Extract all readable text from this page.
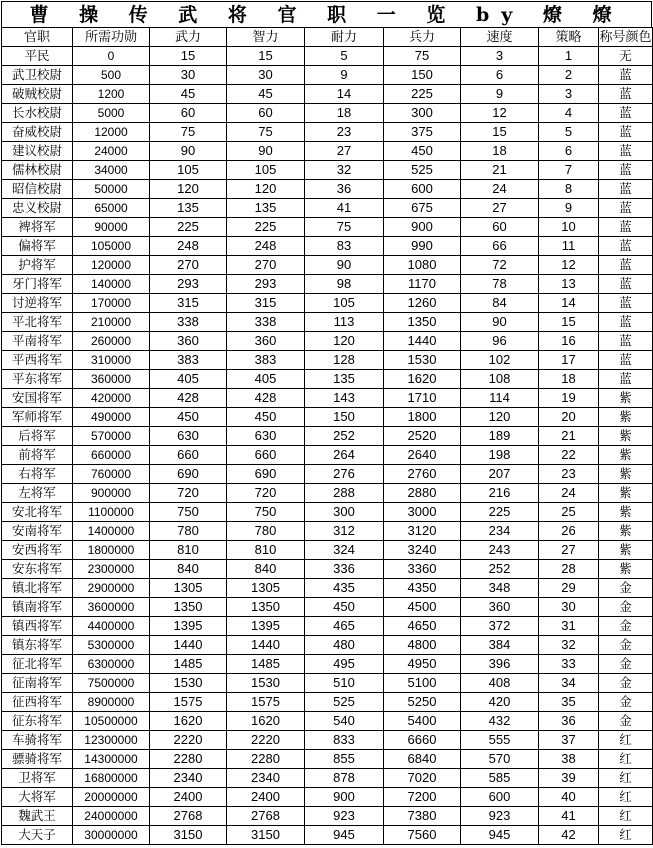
曹 操 传 武 将 官 职 一 览 by 燎 燎
官职	所需功勋	武力	智力	耐力	兵力	速度	策略	称号颜色
平民	0	15	15	5	75	3	1	无
武卫校尉	500	30	30	9	150	6	2	蓝
破贼校尉	1200	45	45	14	225	9	3	蓝
长水校尉	5000	60	60	18	300	12	4	蓝
奋威校尉	12000	75	75	23	375	15	5	蓝
建议校尉	24000	90	90	27	450	18	6	蓝
儒林校尉	34000	105	105	32	525	21	7	蓝
昭信校尉	50000	120	120	36	600	24	8	蓝
忠义校尉	65000	135	135	41	675	27	9	蓝
裨将军	90000	225	225	75	900	60	10	蓝
偏将军	105000	248	248	83	990	66	11	蓝
护将军	120000	270	270	90	1080	72	12	蓝
牙门将军	140000	293	293	98	1170	78	13	蓝
讨逆将军	170000	315	315	105	1260	84	14	蓝
平北将军	210000	338	338	113	1350	90	15	蓝
平南将军	260000	360	360	120	1440	96	16	蓝
平西将军	310000	383	383	128	1530	102	17	蓝
平东将军	360000	405	405	135	1620	108	18	蓝
安国将军	420000	428	428	143	1710	114	19	紫
军师将军	490000	450	450	150	1800	120	20	紫
后将军	570000	630	630	252	2520	189	21	紫
前将军	660000	660	660	264	2640	198	22	紫
右将军	760000	690	690	276	2760	207	23	紫
左将军	900000	720	720	288	2880	216	24	紫
安北将军	1100000	750	750	300	3000	225	25	紫
安南将军	1400000	780	780	312	3120	234	26	紫
安西将军	1800000	810	810	324	3240	243	27	紫
安东将军	2300000	840	840	336	3360	252	28	紫
镇北将军	2900000	1305	1305	435	4350	348	29	金
镇南将军	3600000	1350	1350	450	4500	360	30	金
镇西将军	4400000	1395	1395	465	4650	372	31	金
镇东将军	5300000	1440	1440	480	4800	384	32	金
征北将军	6300000	1485	1485	495	4950	396	33	金
征南将军	7500000	1530	1530	510	5100	408	34	金
征西将军	8900000	1575	1575	525	5250	420	35	金
征东将军	10500000	1620	1620	540	5400	432	36	金
车骑将军	12300000	2220	2220	833	6660	555	37	红
骠骑将军	14300000	2280	2280	855	6840	570	38	红
卫将军	16800000	2340	2340	878	7020	585	39	红
大将军	20000000	2400	2400	900	7200	600	40	红
魏武王	24000000	2768	2768	923	7380	923	41	红
大天子	30000000	3150	3150	945	7560	945	42	红
